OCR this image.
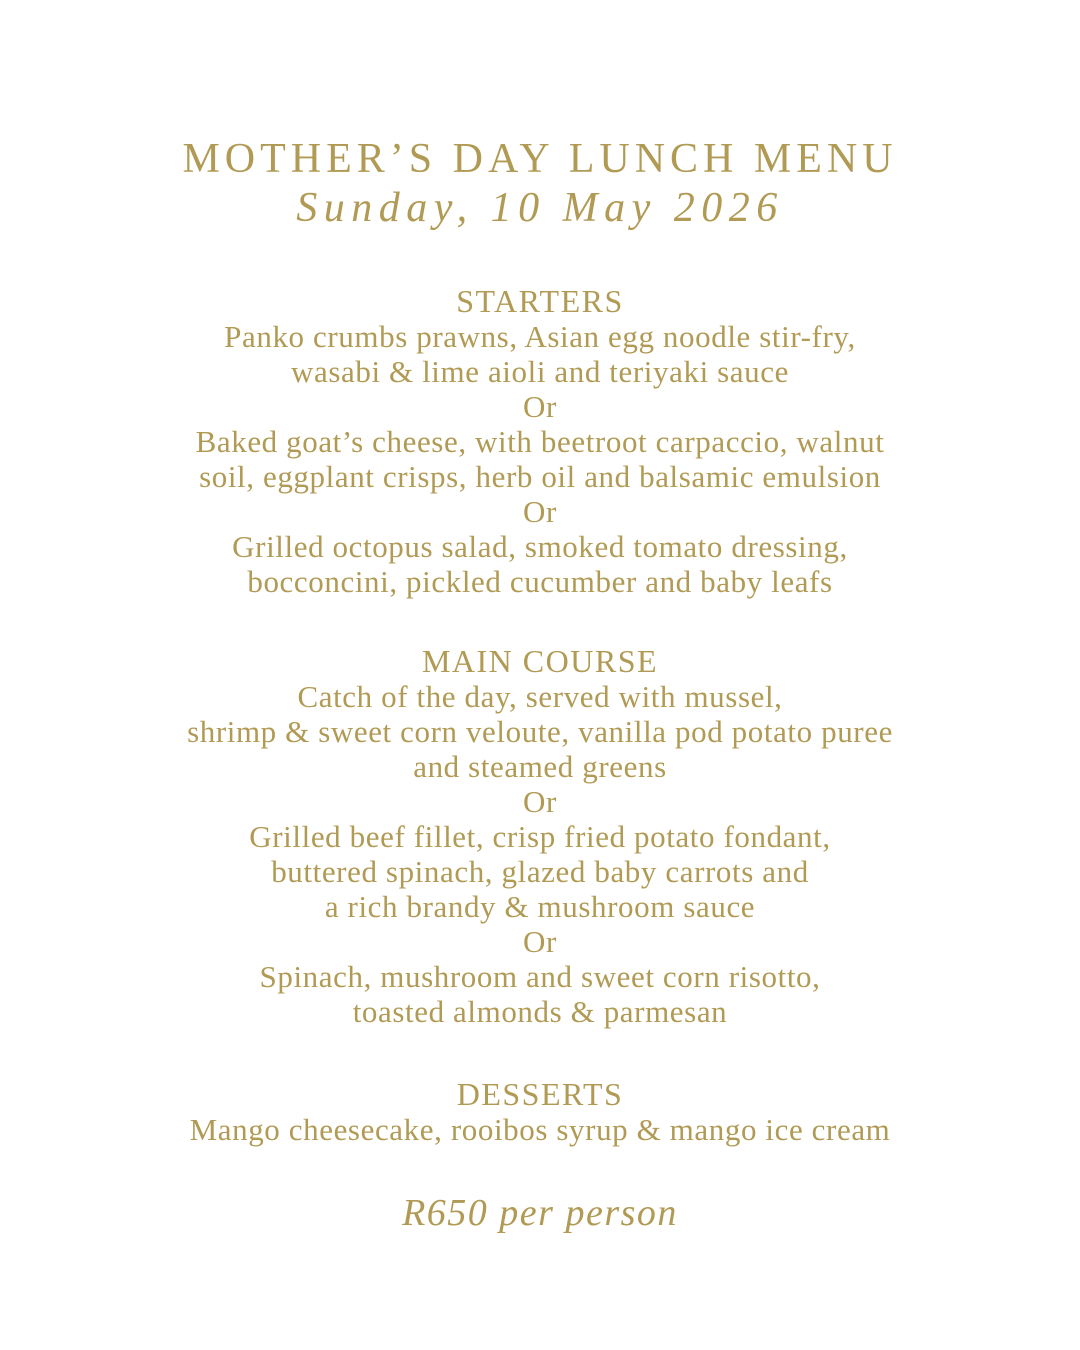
MOTHER’S DAY LUNCH MENU
Sunday, 10 May 2026
STARTERS
Panko crumbs prawns, Asian egg noodle stir-fry,
wasabi & lime aioli and teriyaki sauce
Or
Baked goat’s cheese, with beetroot carpaccio, walnut
soil, eggplant crisps, herb oil and balsamic emulsion
Or
Grilled octopus salad, smoked tomato dressing,
bocconcini, pickled cucumber and baby leafs
MAIN COURSE
Catch of the day, served with mussel,
shrimp & sweet corn veloute, vanilla pod potato puree
and steamed greens
Or
Grilled beef fillet, crisp fried potato fondant,
buttered spinach, glazed baby carrots and
a rich brandy & mushroom sauce
Or
Spinach, mushroom and sweet corn risotto,
toasted almonds & parmesan
DESSERTS
Mango cheesecake, rooibos syrup & mango ice cream
R650 per person
